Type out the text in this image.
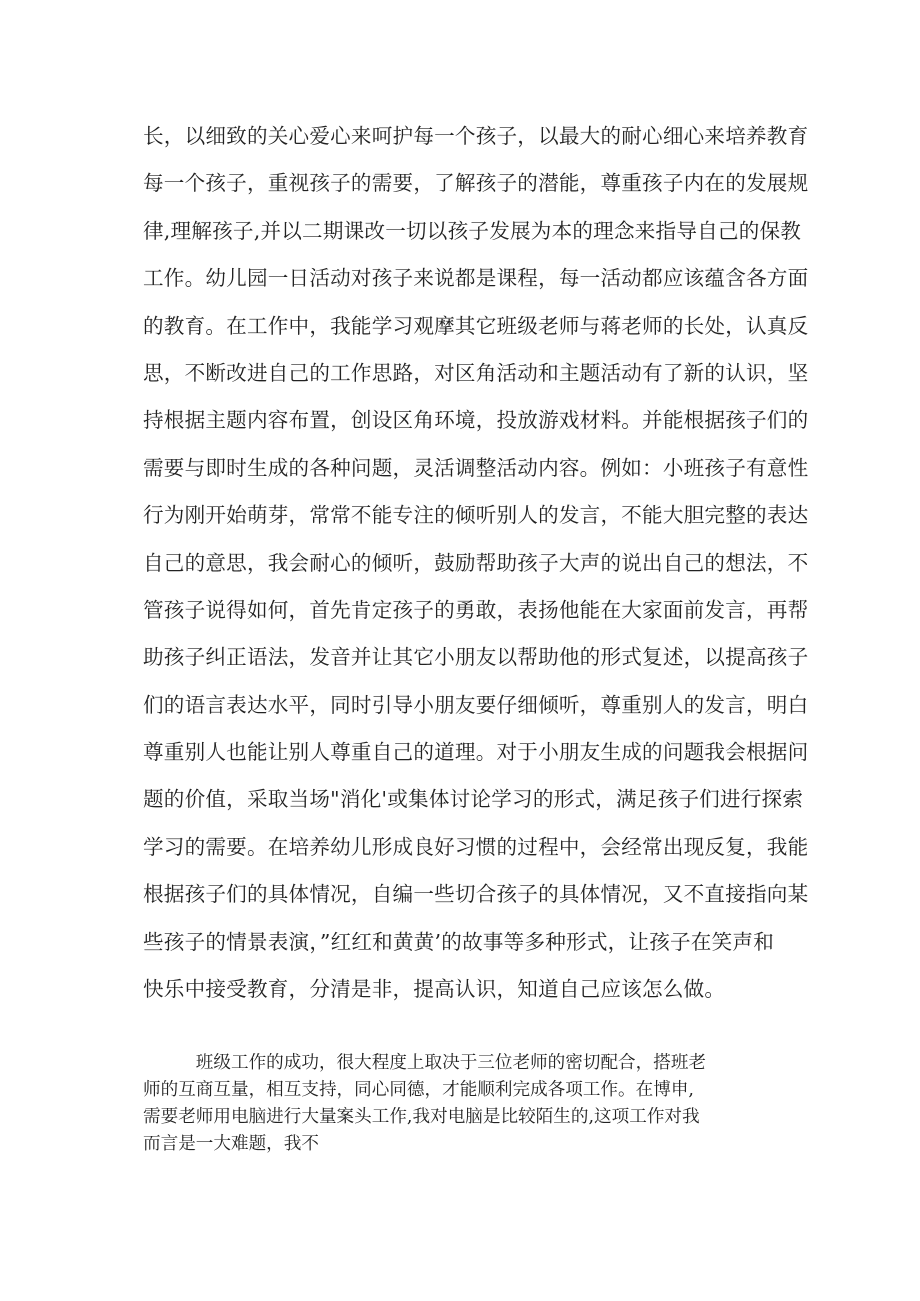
长，以细致的关心爱心来呵护每一个孩子，以最大的耐心细心来培养教育
每一个孩子，重视孩子的需要，了解孩子的潜能，尊重孩子内在的发展规
律,理解孩子,并以二期课改一切以孩子发展为本的理念来指导自己的保教
工作。幼儿园一日活动对孩子来说都是课程，每一活动都应该蕴含各方面
的教育。在工作中，我能学习观摩其它班级老师与蒋老师的长处，认真反
思，不断改进自己的工作思路，对区角活动和主题活动有了新的认识，坚
持根据主题内容布置，创设区角环境，投放游戏材料。并能根据孩子们的
需要与即时生成的各种问题，灵活调整活动内容。例如：小班孩子有意性
行为刚开始萌芽，常常不能专注的倾听别人的发言，不能大胆完整的表达
自己的意思，我会耐心的倾听，鼓励帮助孩子大声的说出自己的想法，不
管孩子说得如何，首先肯定孩子的勇敢，表扬他能在大家面前发言，再帮
助孩子纠正语法，发音并让其它小朋友以帮助他的形式复述，以提高孩子
们的语言表达水平，同时引导小朋友要仔细倾听，尊重别人的发言，明白
尊重别人也能让别人尊重自己的道理。对于小朋友生成的问题我会根据问
题的价值，采取当场"消化'或集体讨论学习的形式，满足孩子们进行探索
学习的需要。在培养幼儿形成良好习惯的过程中，会经常出现反复，我能
根据孩子们的具体情况，自编一些切合孩子的具体情况，又不直接指向某
些孩子的情景表演，”红红和黄黄’的故事等多种形式，让孩子在笑声和
快乐中接受教育，分清是非，提高认识，知道自己应该怎么做。
　　　班级工作的成功，很大程度上取决于三位老师的密切配合，搭班老
师的互商互量，相互支持，同心同德，才能顺利完成各项工作。在博申,
需要老师用电脑进行大量案头工作,我对电脑是比较陌生的,这项工作对我
而言是一大难题，我不
